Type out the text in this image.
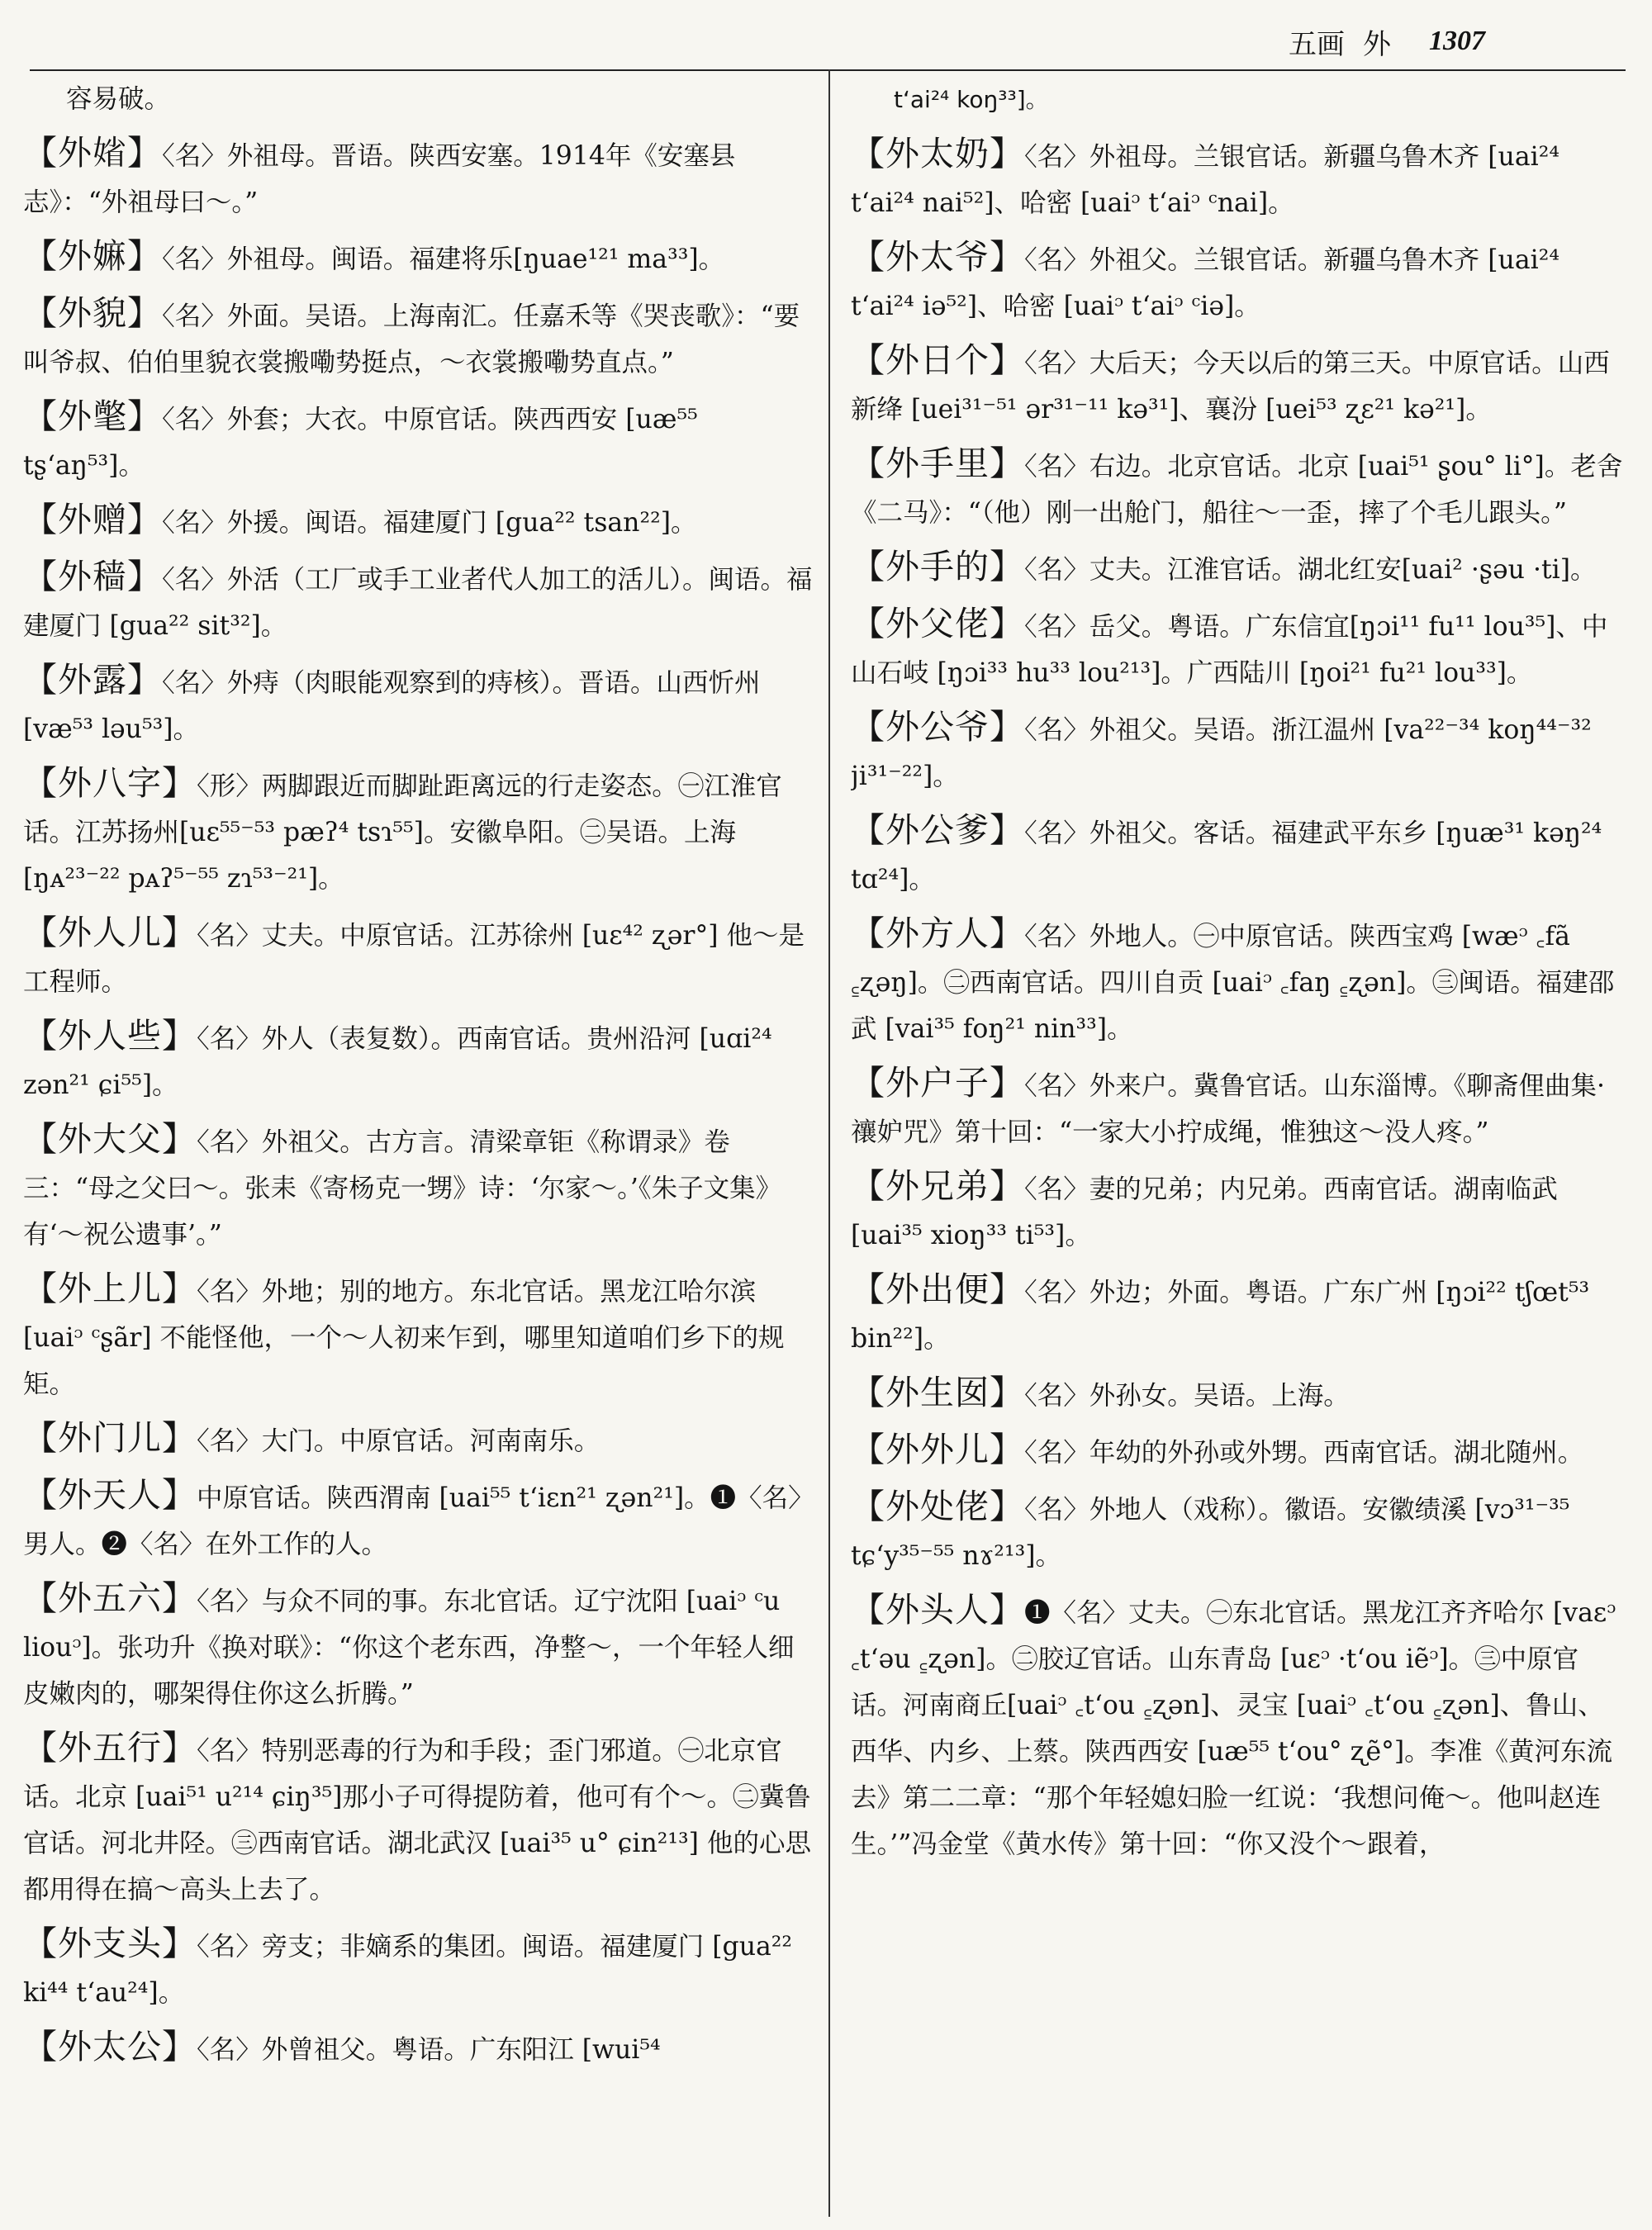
五画 外 1307

容易破。

【外𡞞】〈名〉外祖母。晋语。陕西安塞。1914年《安塞县志》：“外祖母曰～。”

【外嫲】〈名〉外祖母。闽语。福建将乐[ŋuae¹²¹ ma³³]。

【外貌】〈名〉外面。吴语。上海南汇。任嘉禾等《哭丧歌》：“要叫爷叔、伯伯里貌衣裳搬嘞势挺点，～衣裳搬嘞势直点。”

【外氅】〈名〉外套；大衣。中原官话。陕西西安 [uæ⁵⁵ tʂʻaŋ⁵³]。

【外赠】〈名〉外援。闽语。福建厦门 [gua²² tsan²²]。

【外穑】〈名〉外活（工厂或手工业者代人加工的活儿）。闽语。福建厦门 [gua²² sit³²]。

【外露】〈名〉外痔（肉眼能观察到的痔核）。晋语。山西忻州[væ⁵³ ləu⁵³]。

【外八字】〈形〉两脚跟近而脚趾距离远的行走姿态。㊀江淮官话。江苏扬州[uɛ⁵⁵⁻⁵³ pæʔ⁴ tsɿ⁵⁵]。安徽阜阳。㊁吴语。上海 [ŋᴀ²³⁻²² pᴀʔ⁵⁻⁵⁵ zɿ⁵³⁻²¹]。

【外人儿】〈名〉丈夫。中原官话。江苏徐州 [uɛ⁴² ʐər°] 他～是工程师。

【外人些】〈名〉外人（表复数）。西南官话。贵州沿河 [uɑi²⁴ zən²¹ ɕi⁵⁵]。

【外大父】〈名〉外祖父。古方言。清梁章钜《称谓录》卷三：“母之父曰～。张耒《寄杨克一甥》诗：‘尔家～。’《朱子文集》有‘～祝公遗事’。”

【外上儿】〈名〉外地；别的地方。东北官话。黑龙江哈尔滨 [uaiᵓ ᶜʂãr] 不能怪他，一个～人初来乍到，哪里知道咱们乡下的规矩。

【外门儿】〈名〉大门。中原官话。河南南乐。

【外天人】中原官话。陕西渭南 [uai⁵⁵ tʻiɛn²¹ ʐən²¹]。❶〈名〉男人。❷〈名〉在外工作的人。

【外五六】〈名〉与众不同的事。东北官话。辽宁沈阳 [uaiᵓ ᶜu liouᵓ]。张功升《换对联》：“你这个老东西，净整～，一个年轻人细皮嫩肉的，哪架得住你这么折腾。”

【外五行】〈名〉特别恶毒的行为和手段；歪门邪道。㊀北京官话。北京 [uai⁵¹ u²¹⁴ ɕiŋ³⁵]那小子可得提防着，他可有个～。㊁冀鲁官话。河北井陉。㊂西南官话。湖北武汉 [uai³⁵ u° ɕin²¹³] 他的心思都用得在搞～高头上去了。

【外支头】〈名〉旁支；非嫡系的集团。闽语。福建厦门 [gua²² ki⁴⁴ tʻau²⁴]。

【外太公】〈名〉外曾祖父。粤语。广东阳江 [wui⁵⁴

tʻai²⁴ koŋ³³]。

【外太奶】〈名〉外祖母。兰银官话。新疆乌鲁木齐 [uai²⁴ tʻai²⁴ nai⁵²]、哈密 [uaiᵓ tʻaiᵓ ᶜnai]。

【外太爷】〈名〉外祖父。兰银官话。新疆乌鲁木齐 [uai²⁴ tʻai²⁴ iə⁵²]、哈密 [uaiᵓ tʻaiᵓ ᶜiə]。

【外日个】〈名〉大后天；今天以后的第三天。中原官话。山西新绛 [uei³¹⁻⁵¹ ər³¹⁻¹¹ kə³¹]、襄汾 [uei⁵³ ʐɛ²¹ kə²¹]。

【外手里】〈名〉右边。北京官话。北京 [uai⁵¹ ʂou° li°]。老舍《二马》：“（他）刚一出舱门，船往～一歪，摔了个毛儿跟头。”

【外手的】〈名〉丈夫。江淮官话。湖北红安[uai² ·ʂəu ·ti]。

【外父佬】〈名〉岳父。粤语。广东信宜[ŋɔi¹¹ fu¹¹ lou³⁵]、中山石岐 [ŋɔi³³ hu³³ lou²¹³]。广西陆川 [ŋoi²¹ fu²¹ lou³³]。

【外公爷】〈名〉外祖父。吴语。浙江温州 [va²²⁻³⁴ koŋ⁴⁴⁻³² ji³¹⁻²²]。

【外公爹】〈名〉外祖父。客话。福建武平东乡 [ŋuæ³¹ kəŋ²⁴ tɑ²⁴]。

【外方人】〈名〉外地人。㊀中原官话。陕西宝鸡 [wæᵓ ꜀fã ꜁ʐəŋ]。㊁西南官话。四川自贡 [uaiᵓ ꜀faŋ ꜁ʐən]。㊂闽语。福建邵武 [vai³⁵ foŋ²¹ nin³³]。

【外户子】〈名〉外来户。冀鲁官话。山东淄博。《聊斋俚曲集·禳妒咒》第十回：“一家大小拧成绳，惟独这～没人疼。”

【外兄弟】〈名〉妻的兄弟；内兄弟。西南官话。湖南临武 [uai³⁵ xioŋ³³ ti⁵³]。

【外出便】〈名〉外边；外面。粤语。广东广州 [ŋɔi²² tʃœt⁵³ bin²²]。

【外生囡】〈名〉外孙女。吴语。上海。

【外外儿】〈名〉年幼的外孙或外甥。西南官话。湖北随州。

【外处佬】〈名〉外地人（戏称）。徽语。安徽绩溪 [vɔ³¹⁻³⁵ tɕʻy³⁵⁻⁵⁵ nɤ²¹³]。

【外头人】❶〈名〉丈夫。㊀东北官话。黑龙江齐齐哈尔 [vaɛᵓ ꜀tʻəu ꜁ʐən]。㊁胶辽官话。山东青岛 [uɛᵓ ·tʻou iẽᵓ]。㊂中原官话。河南商丘[uaiᵓ ꜀tʻou ꜁ʐən]、灵宝 [uaiᵓ ꜀tʻou ꜁ʐən]、鲁山、西华、内乡、上蔡。陕西西安 [uæ⁵⁵ tʻou° ʐẽ°]。李准《黄河东流去》第二二章：“那个年轻媳妇脸一红说：‘我想问俺～。他叫赵连生。’”冯金堂《黄水传》第十回：“你又没个～跟着，
